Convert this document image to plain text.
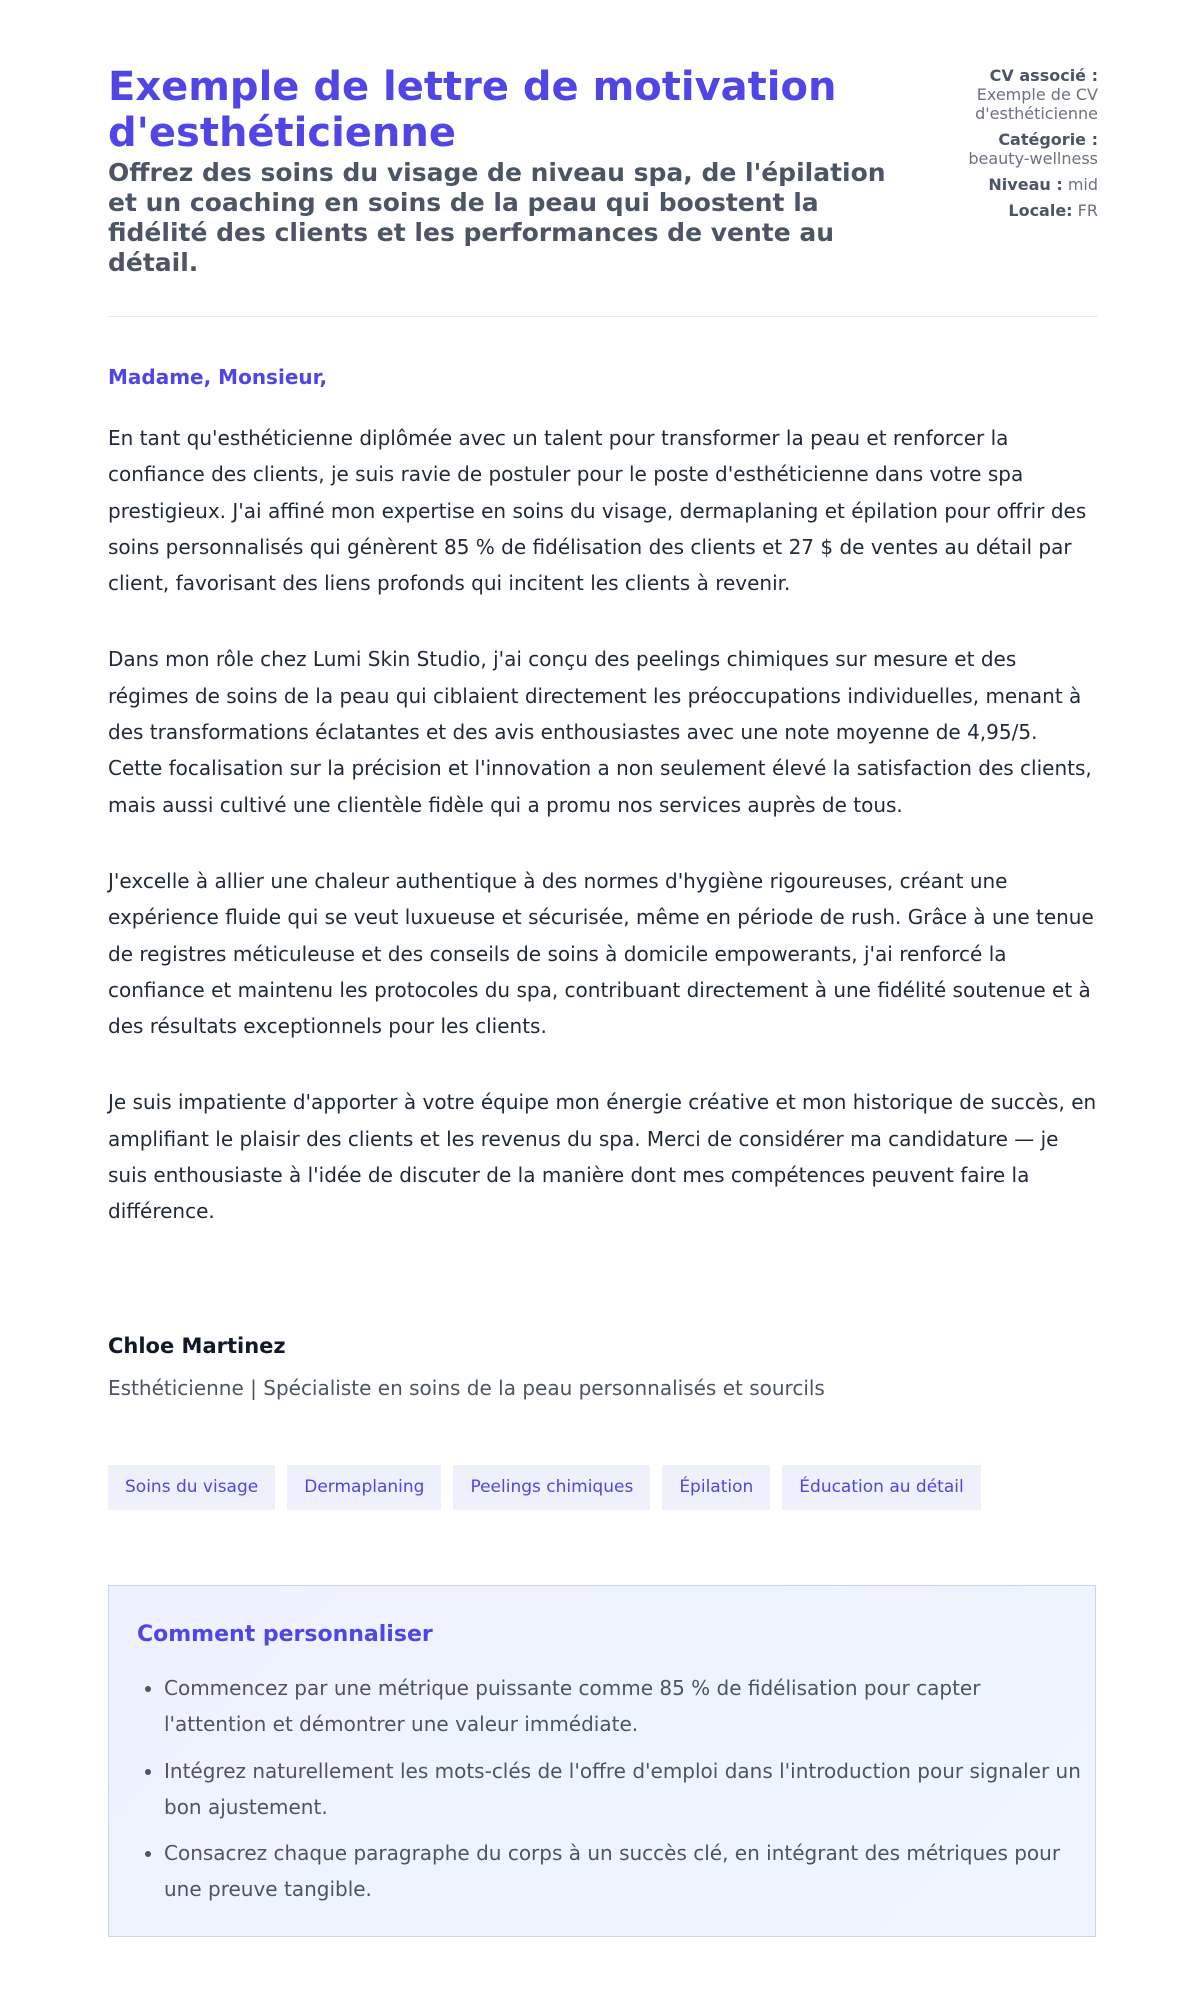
Exemple de lettre de motivation d'esthéticienne
Offrez des soins du visage de niveau spa, de l'épilation et un coaching en soins de la peau qui boostent la fidélité des clients et les performances de vente au détail.
CV associé :
Exemple de CV d'esthéticienne
Catégorie :
beauty-wellness
Niveau : mid
Locale: FR

Madame, Monsieur,

En tant qu'esthéticienne diplômée avec un talent pour transformer la peau et renforcer la confiance des clients, je suis ravie de postuler pour le poste d'esthéticienne dans votre spa prestigieux. J'ai affiné mon expertise en soins du visage, dermaplaning et épilation pour offrir des soins personnalisés qui génèrent 85 % de fidélisation des clients et 27 $ de ventes au détail par client, favorisant des liens profonds qui incitent les clients à revenir.

Dans mon rôle chez Lumi Skin Studio, j'ai conçu des peelings chimiques sur mesure et des régimes de soins de la peau qui ciblaient directement les préoccupations individuelles, menant à des transformations éclatantes et des avis enthousiastes avec une note moyenne de 4,95/5. Cette focalisation sur la précision et l'innovation a non seulement élevé la satisfaction des clients, mais aussi cultivé une clientèle fidèle qui a promu nos services auprès de tous.

J'excelle à allier une chaleur authentique à des normes d'hygiène rigoureuses, créant une expérience fluide qui se veut luxueuse et sécurisée, même en période de rush. Grâce à une tenue de registres méticuleuse et des conseils de soins à domicile empowerants, j'ai renforcé la confiance et maintenu les protocoles du spa, contribuant directement à une fidélité soutenue et à des résultats exceptionnels pour les clients.

Je suis impatiente d'apporter à votre équipe mon énergie créative et mon historique de succès, en amplifiant le plaisir des clients et les revenus du spa. Merci de considérer ma candidature — je suis enthousiaste à l'idée de discuter de la manière dont mes compétences peuvent faire la différence.

Chloe Martinez

Esthéticienne | Spécialiste en soins de la peau personnalisés et sourcils

Soins du visage	Dermaplaning	Peelings chimiques	Épilation	Éducation au détail
Comment personnaliser
• Commencez par une métrique puissante comme 85 % de fidélisation pour capter l'attention et démontrer une valeur immédiate.
• Intégrez naturellement les mots-clés de l'offre d'emploi dans l'introduction pour signaler un bon ajustement.
• Consacrez chaque paragraphe du corps à un succès clé, en intégrant des métriques pour une preuve tangible.
